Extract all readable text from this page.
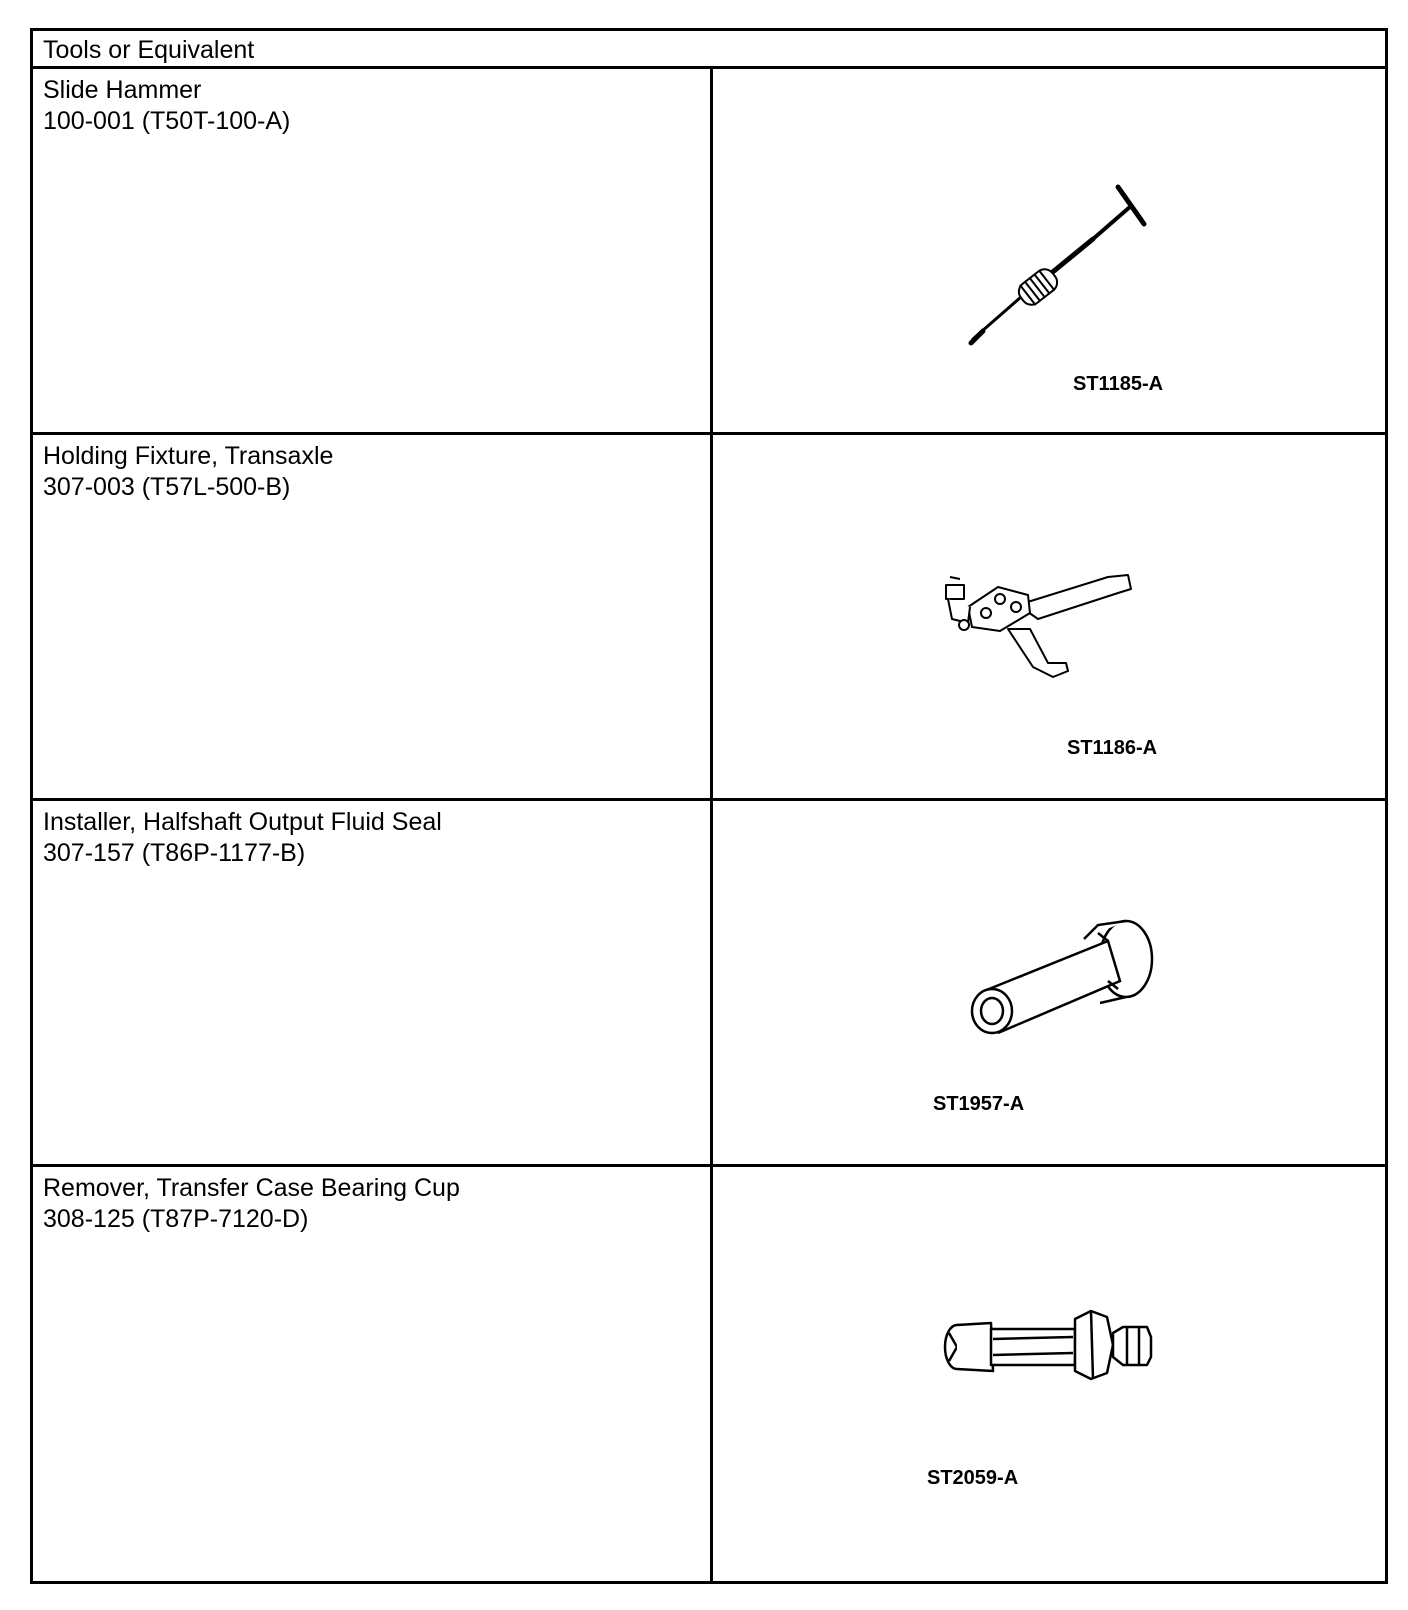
Tools or Equivalent
Slide Hammer
100-001 (T50T-100-A)
ST1185-A
Holding Fixture, Transaxle
307-003 (T57L-500-B)
ST1186-A
Installer, Halfshaft Output Fluid Seal
307-157 (T86P-1177-B)
ST1957-A
Remover, Transfer Case Bearing Cup
308-125 (T87P-7120-D)
ST2059-A
